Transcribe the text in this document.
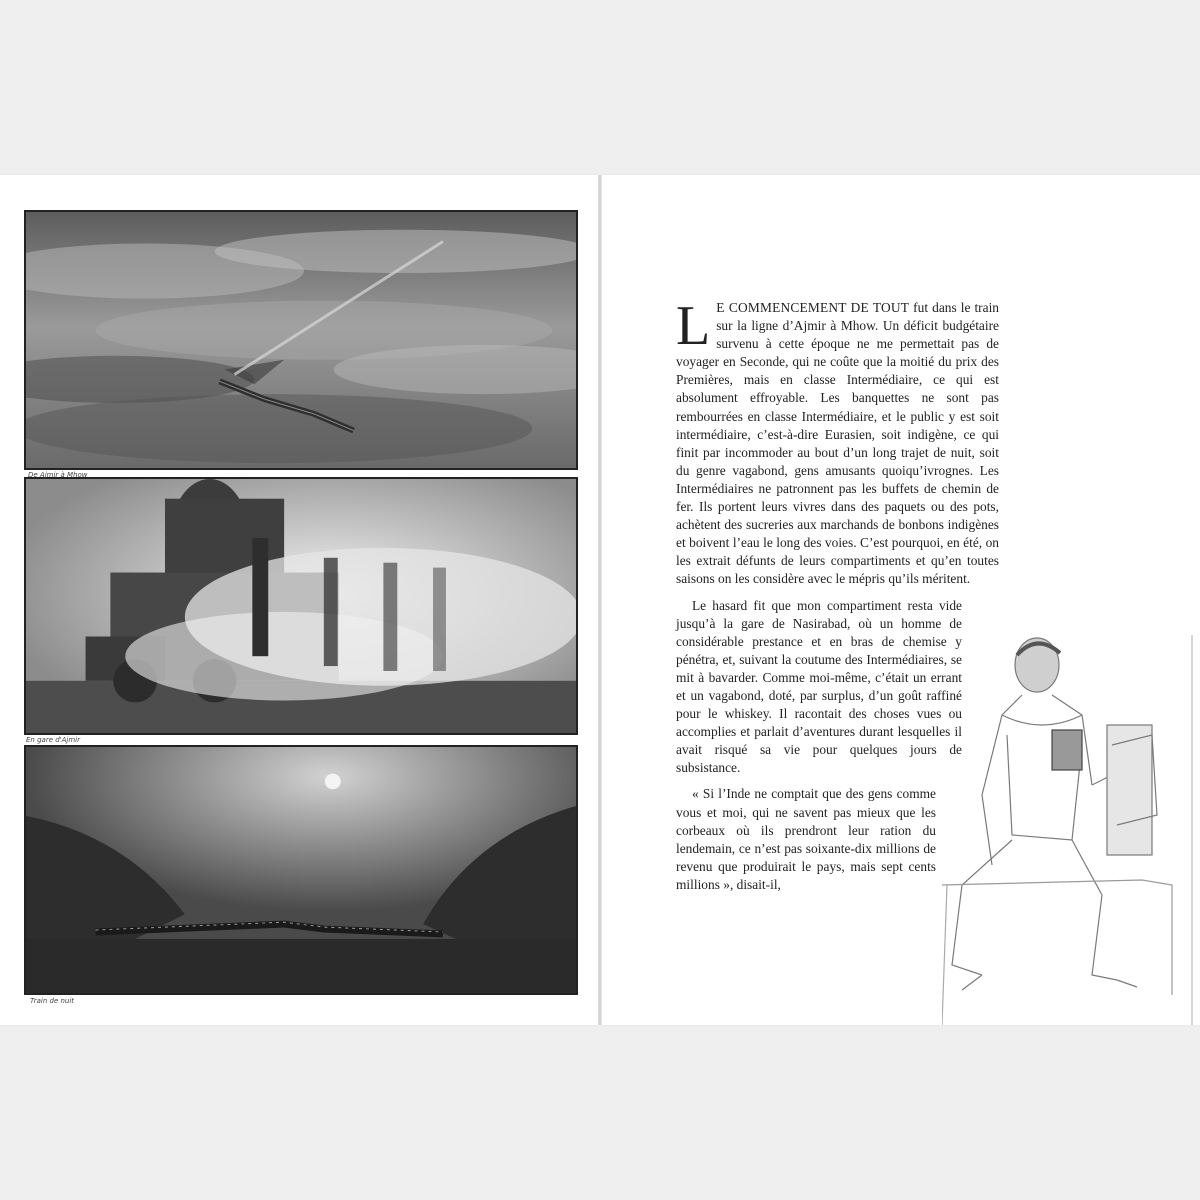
De Ajmir à Mhow
En gare d'Ajmir
Train de nuit

L E COMMENCEMENT DE TOUT fut dans le train sur la ligne d’Ajmir à Mhow. Un déficit budgétaire survenu à cette époque ne me permettait pas de voyager en Seconde, qui ne coûte que la moitié du prix des Premières, mais en classe Intermédiaire, ce qui est absolument effroyable. Les banquettes ne sont pas rembourrées en classe Intermédiaire, et le public y est soit intermédiaire, c’est-à-dire Eurasien, soit indigène, ce qui finit par incommoder au bout d’un long trajet de nuit, soit du genre vagabond, gens amusants quoiqu’ivrognes. Les Intermédiaires ne patronnent pas les buffets de chemin de fer. Ils portent leurs vivres dans des paquets ou des pots, achètent des sucreries aux marchands de bonbons indigènes et boivent l’eau le long des voies. C’est pourquoi, en été, on les extrait défunts de leurs compartiments et qu’en toutes saisons on les considère avec le mépris qu’ils méritent.

Le hasard fit que mon compartiment resta vide jusqu’à la gare de Nasirabad, où un homme de considérable prestance et en bras de chemise y pénétra, et, suivant la coutume des Intermédiaires, se mit à bavarder. Comme moi-même, c’était un errant et un vagabond, doté, par surplus, d’un goût raffiné pour le whiskey. Il racontait des choses vues ou accomplies et parlait d’aventures durant lesquelles il avait risqué sa vie pour quelques jours de subsistance.

« Si l’Inde ne comptait que des gens comme vous et moi, qui ne savent pas mieux que les corbeaux où ils prendront leur ration du lendemain, ce n’est pas soixante-dix millions de revenu que produirait le pays, mais sept cents millions », disait-il,
